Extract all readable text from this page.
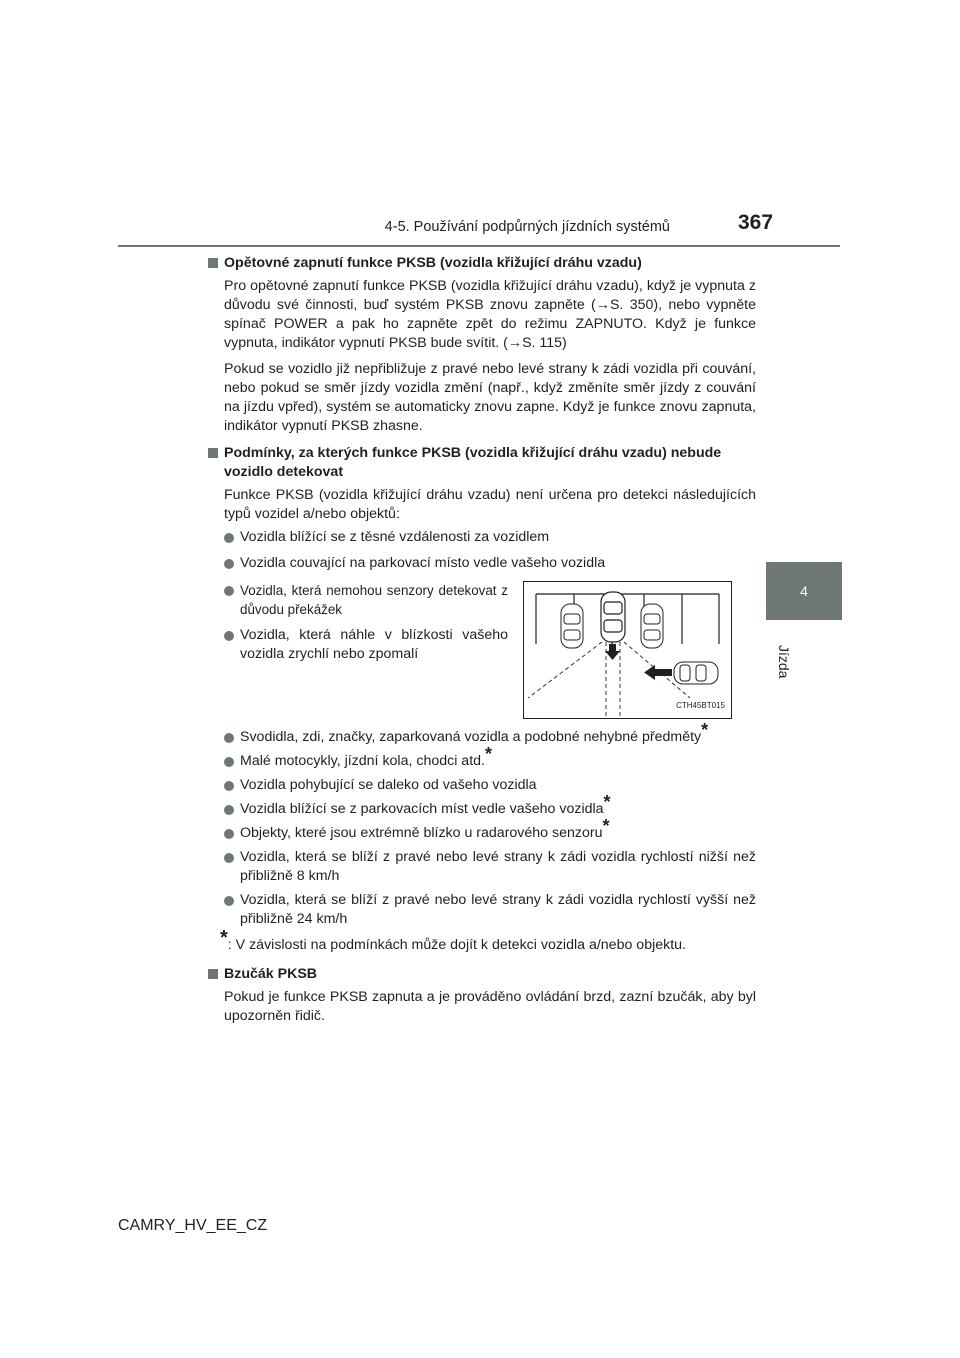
4-5. Používání podpůrných jízdních systémů	367
4
Jízda
Opětovné zapnutí funkce PKSB (vozidla křižující dráhu vzadu)
Pro opětovné zapnutí funkce PKSB (vozidla křižující dráhu vzadu), když je vypnuta z důvodu své činnosti, buď systém PKSB znovu zapněte (→S. 350), nebo vypněte spínač POWER a pak ho zapněte zpět do režimu ZAPNUTO. Když je funkce vypnuta, indikátor vypnutí PKSB bude svítit. (→S. 115)
Pokud se vozidlo již nepřibližuje z pravé nebo levé strany k zádi vozidla při couvání, nebo pokud se směr jízdy vozidla změní (např., když změníte směr jízdy z couvání na jízdu vpřed), systém se automaticky znovu zapne. Když je funkce znovu zapnuta, indikátor vypnutí PKSB zhasne.
Podmínky, za kterých funkce PKSB (vozidla křižující dráhu vzadu) nebude vozidlo detekovat
Funkce PKSB (vozidla křižující dráhu vzadu) není určena pro detekci následujících typů vozidel a/nebo objektů:
Vozidla blížící se z těsné vzdálenosti za vozidlem
Vozidla couvající na parkovací místo vedle vašeho vozidla
Vozidla, která nemohou senzory detekovat z důvodu překážek
Vozidla, která náhle v blízkosti vašeho vozidla zrychlí nebo zpomalí
CTH45BT015
Svodidla, zdi, značky, zaparkovaná vozidla a podobné nehybné předměty*
Malé motocykly, jízdní kola, chodci atd.*
Vozidla pohybující se daleko od vašeho vozidla
Vozidla blížící se z parkovacích míst vedle vašeho vozidla*
Objekty, které jsou extrémně blízko u radarového senzoru*
Vozidla, která se blíží z pravé nebo levé strany k zádi vozidla rychlostí nižší než přibližně 8 km/h
Vozidla, která se blíží z pravé nebo levé strany k zádi vozidla rychlostí vyšší než přibližně 24 km/h
*: V závislosti na podmínkách může dojít k detekci vozidla a/nebo objektu.
Bzučák PKSB
Pokud je funkce PKSB zapnuta a je prováděno ovládání brzd, zazní bzučák, aby byl upozorněn řidič.
CAMRY_HV_EE_CZ
